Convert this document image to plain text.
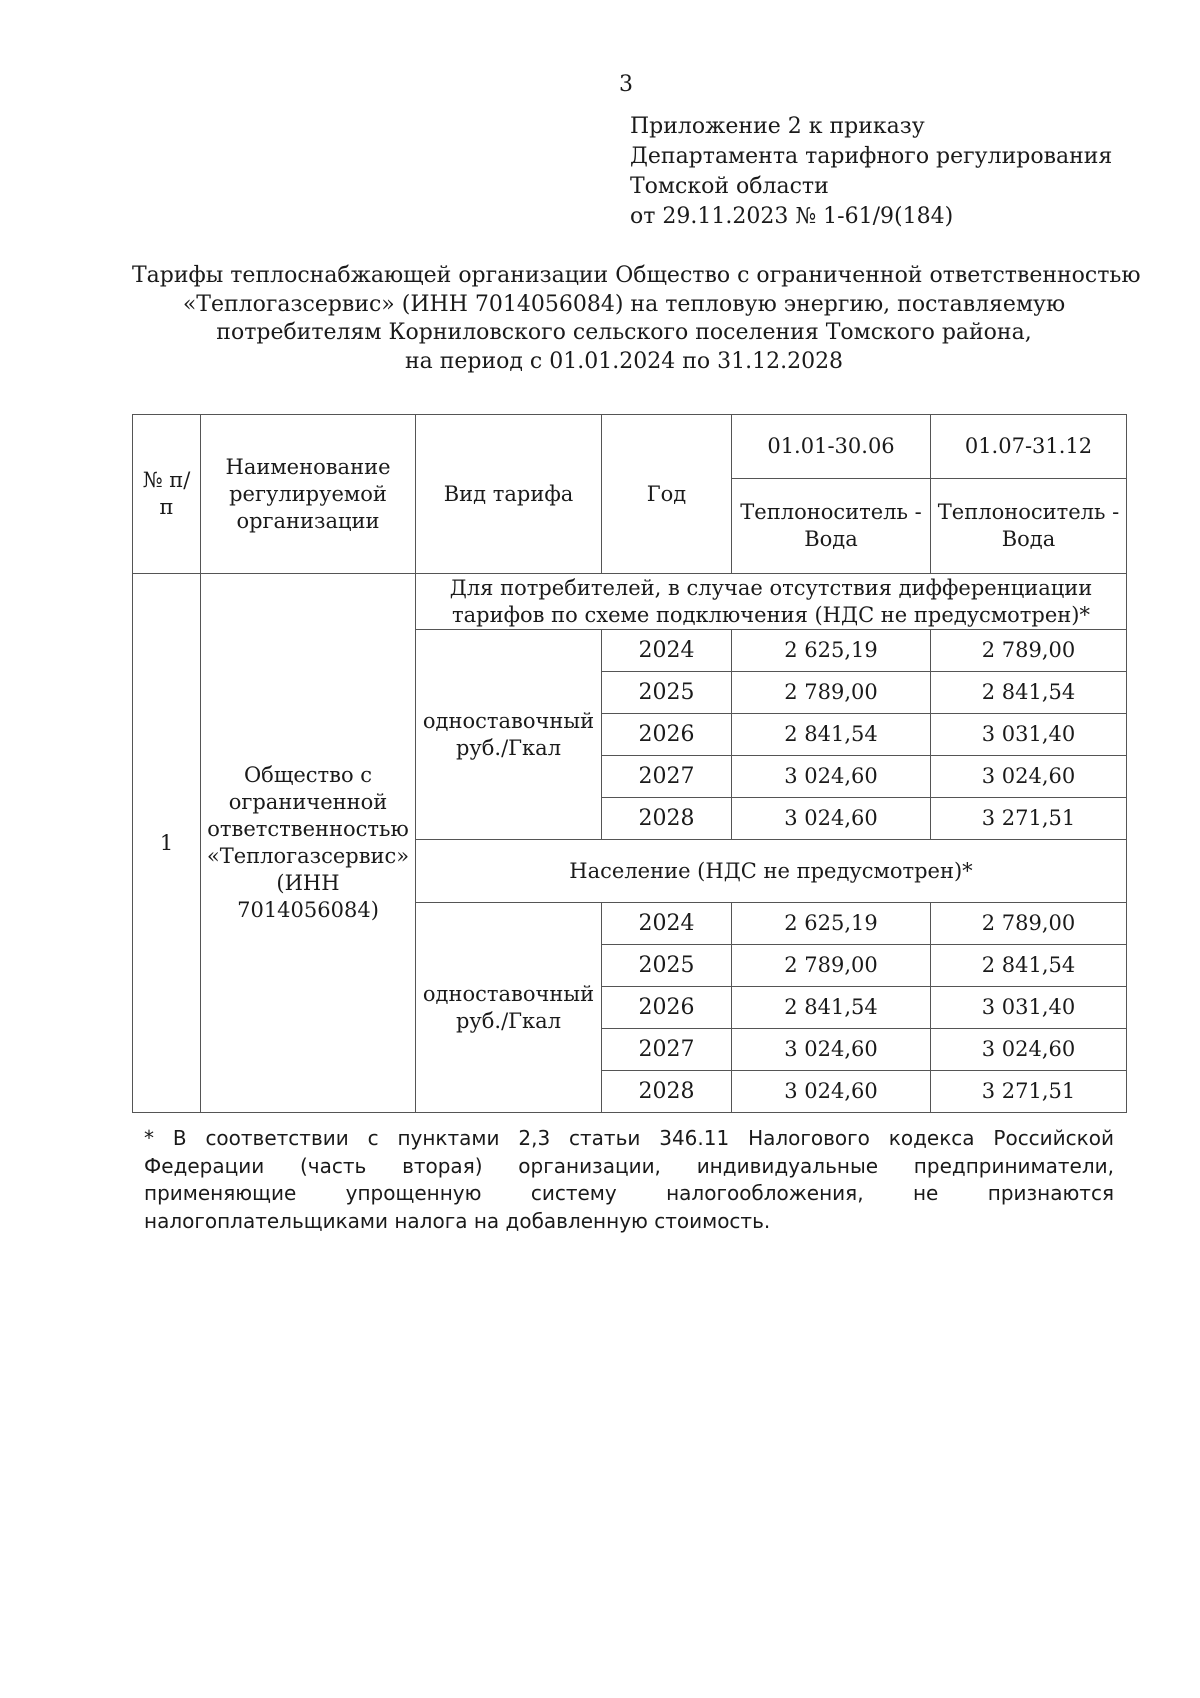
3
Приложение 2 к приказу
Департамента тарифного регулирования
Томской области
от 29.11.2023 № 1-61/9(184)
Тарифы теплоснабжающей организации Общество с ограниченной ответственностью
«Теплогазсервис» (ИНН 7014056084) на тепловую энергию, поставляемую
потребителям Корниловского сельского поселения Томского района,
на период с 01.01.2024 по 31.12.2028
№ п/п	Наименование регулируемой организации	Вид тарифа	Год	01.01-30.06	01.07-31.12
				Теплоноситель - Вода	Теплоноситель - Вода
1	Общество с ограниченной ответственностью «Теплогазсервис» (ИНН 7014056084)	Для потребителей, в случае отсутствия дифференциации тарифов по схеме подключения (НДС не предусмотрен)*			
		одноставочный руб./Гкал	2024	2 625,19	2 789,00
			2025	2 789,00	2 841,54
			2026	2 841,54	3 031,40
			2027	3 024,60	3 024,60
			2028	3 024,60	3 271,51
		Население (НДС не предусмотрен)*			
		одноставочный руб./Гкал	2024	2 625,19	2 789,00
			2025	2 789,00	2 841,54
			2026	2 841,54	3 031,40
			2027	3 024,60	3 024,60
			2028	3 024,60	3 271,51
* В соответствии с пунктами 2,3 статьи 346.11 Налогового кодекса Российской Федерации (часть вторая) организации, индивидуальные предприниматели, применяющие упрощенную систему налогообложения, не признаются налогоплательщиками налога на добавленную стоимость.
